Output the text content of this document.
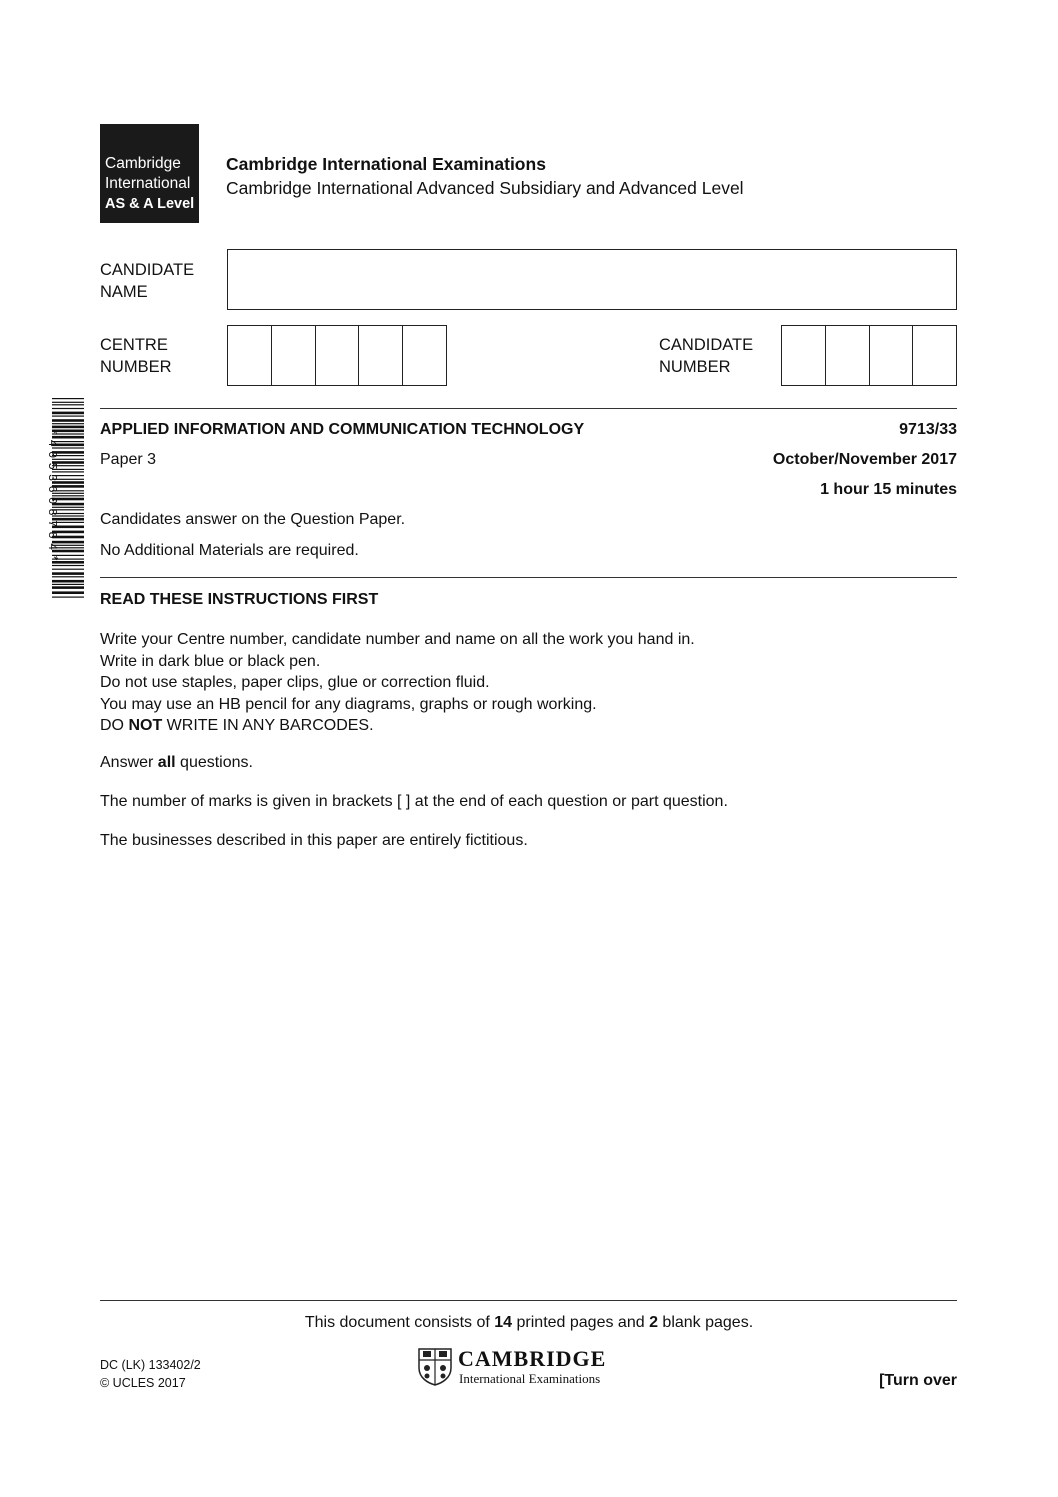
Cambridge
International
AS & A Level
Cambridge International Examinations
Cambridge International Advanced Subsidiary and Advanced Level
CANDIDATE
NAME
CENTRE
NUMBER
CANDIDATE
NUMBER
*4053608784*	APPLIED INFORMATION AND COMMUNICATION TECHNOLOGY	9713/33
Paper 3	October/November 2017
1 hour 15 minutes
Candidates answer on the Question Paper.
No Additional Materials are required.
READ THESE INSTRUCTIONS FIRST
Write your Centre number, candidate number and name on all the work you hand in.
Write in dark blue or black pen.
Do not use staples, paper clips, glue or correction fluid.
You may use an HB pencil for any diagrams, graphs or rough working.
DO NOT WRITE IN ANY BARCODES.
Answer all questions.
The number of marks is given in brackets [ ] at the end of each question or part question.
The businesses described in this paper are entirely fictitious.
This document consists of 14 printed pages and 2 blank pages.
DC (LK) 133402/2
© UCLES 2017
CAMBRIDGE
International Examinations	[Turn over
